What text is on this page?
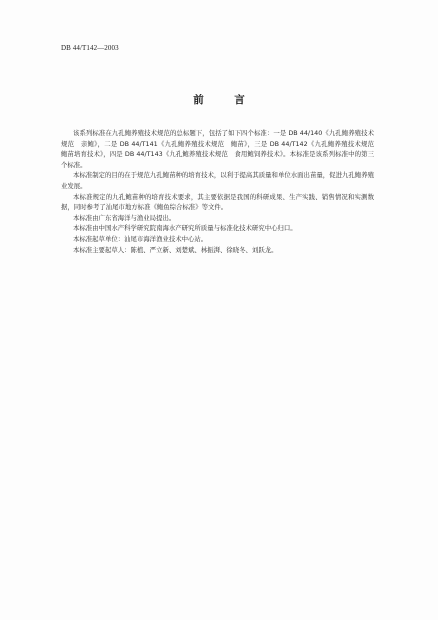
DB 44/T142—2003
前　言

该系列标准在九孔鲍养殖技术规范的总标题下，包括了如下四个标准：一是 DB 44/140《九孔鲍养殖技术规范　亲鲍》，二是 DB 44/T141《九孔鲍养殖技术规范　鲍苗》，三是 DB 44/T142《九孔鲍养殖技术规范　鲍苗培育技术》，四是 DB 44/T143《九孔鲍养殖技术规范　食用鲍饲养技术》。本标准是该系列标准中的第三个标准。

本标准制定的目的在于规范九孔鲍苗种的培育技术，以利于提高其质量和单位水面出苗量，促进九孔鲍养殖业发展。

本标准规定的九孔鲍苗种的培育技术要求，其主要依据是我国的科研成果、生产实践、销售情况和实测数据，同时参考了汕尾市地方标准《鲍鱼综合标准》等文件。

本标准由广东省海洋与渔业局提出。

本标准由中国水产科学研究院南海水产研究所质量与标准化技术研究中心归口。

本标准起草单位：汕尾市海洋渔业技术中心站。

本标准主要起草人：陈植、严立新、刘楚斌、林振湃、徐晓冬、刘跃龙。
